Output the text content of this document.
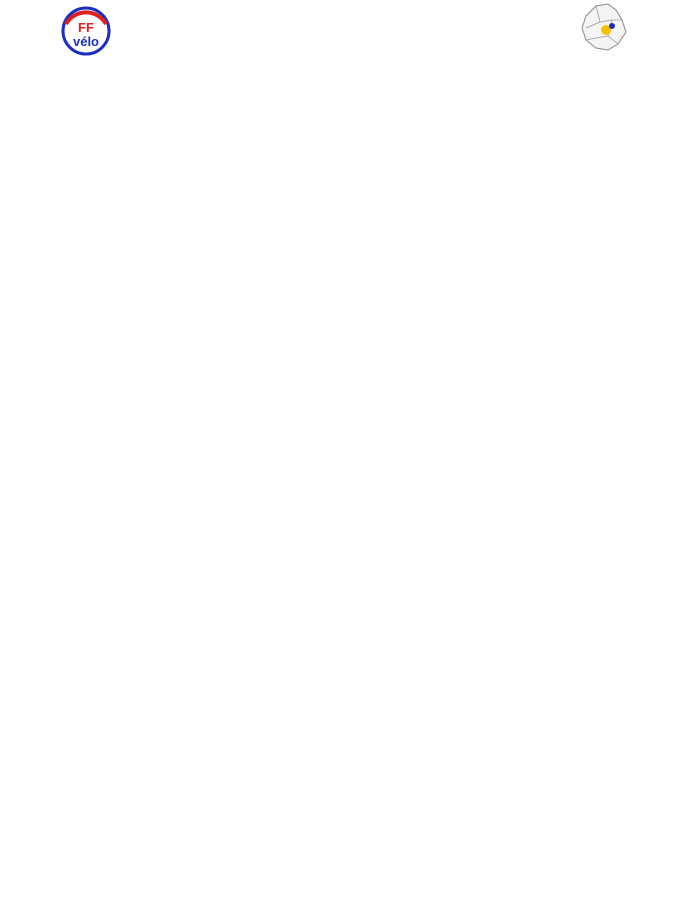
FF
vélo
